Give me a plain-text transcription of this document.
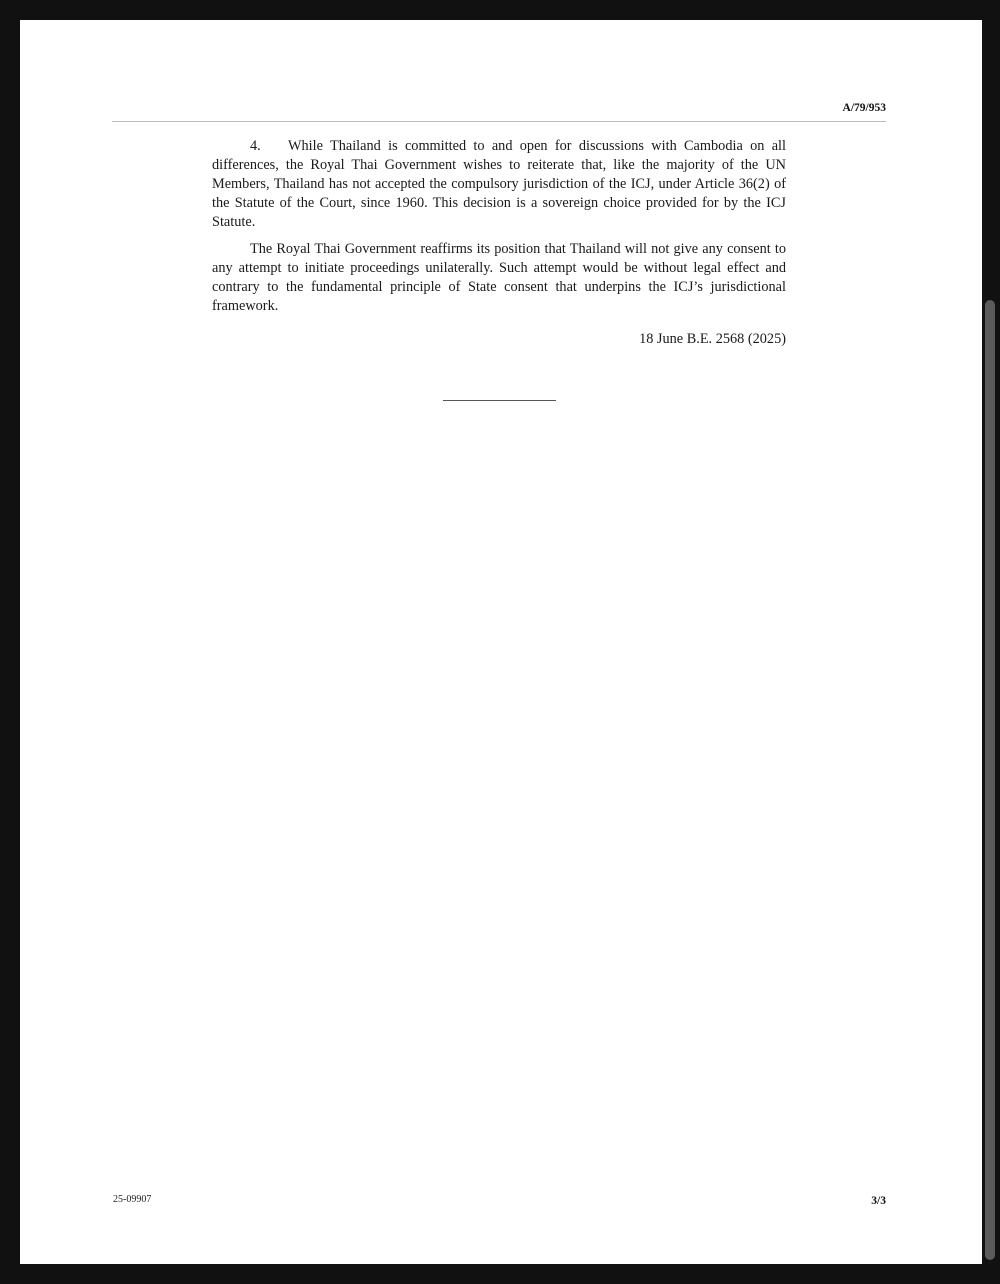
A/79/953

4. While Thailand is committed to and open for discussions with Cambodia on all differences, the Royal Thai Government wishes to reiterate that, like the majority of the UN Members, Thailand has not accepted the compulsory jurisdiction of the ICJ, under Article 36(2) of the Statute of the Court, since 1960. This decision is a sovereign choice provided for by the ICJ Statute.

The Royal Thai Government reaffirms its position that Thailand will not give any consent to any attempt to initiate proceedings unilaterally. Such attempt would be without legal effect and contrary to the fundamental principle of State consent that underpins the ICJ’s jurisdictional framework.

18 June B.E. 2568 (2025)
25-09907	3/3
